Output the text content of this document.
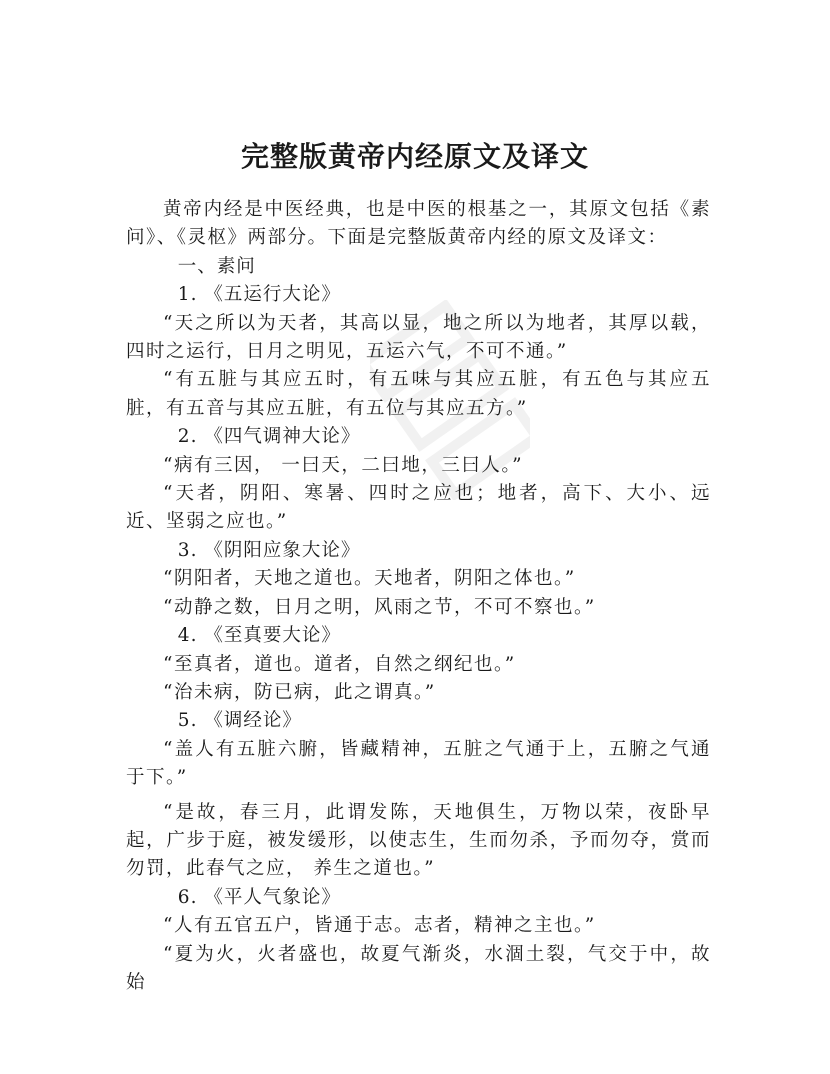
完整版黄帝内经原文及译文

黄帝内经是中医经典，也是中医的根基之一，其原文包括《素问》、《灵枢》两部分。下面是完整版黄帝内经的原文及译文：

一、素问

1. 《五运行大论》

“天之所以为天者，其高以显，地之所以为地者，其厚以载，四时之运行，日月之明见，五运六气，不可不通。”

“有五脏与其应五时，有五味与其应五脏，有五色与其应五脏，有五音与其应五脏，有五位与其应五方。”

2. 《四气调神大论》

“病有三因， 一曰天，二曰地，三曰人。”

“天者，阴阳、寒暑、四时之应也；地者，高下、大小、远近、坚弱之应也。”

3. 《阴阳应象大论》

“阴阳者，天地之道也。天地者，阴阳之体也。”

“动静之数，日月之明，风雨之节，不可不察也。”

4. 《至真要大论》

“至真者，道也。道者，自然之纲纪也。”

“治未病，防已病，此之谓真。”

5. 《调经论》

“盖人有五脏六腑，皆藏精神，五脏之气通于上，五腑之气通于下。”

“是故，春三月，此谓发陈，天地俱生，万物以荣，夜卧早起，广步于庭，被发缓形，以使志生，生而勿杀，予而勿夺，赏而勿罚，此春气之应， 养生之道也。”

6. 《平人气象论》

“人有五官五户，皆通于志。志者，精神之主也。”

“夏为火，火者盛也，故夏气渐炎，水涸土裂，气交于中，故始
